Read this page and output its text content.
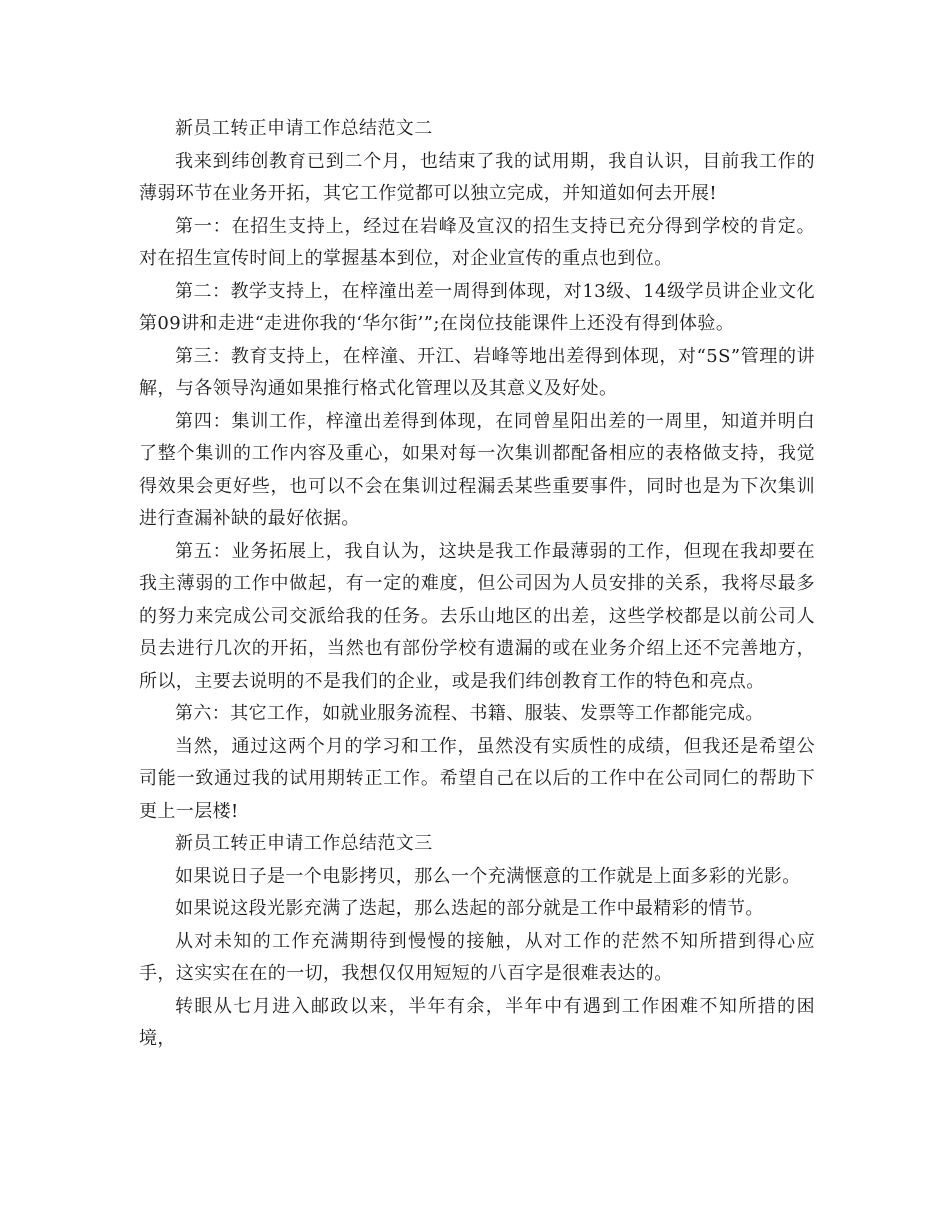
新员工转正申请工作总结范文二

我来到纬创教育已到二个月，也结束了我的试用期，我自认识，目前我工作的薄弱环节在业务开拓，其它工作觉都可以独立完成，并知道如何去开展!

第一：在招生支持上，经过在岩峰及宣汉的招生支持已充分得到学校的肯定。对在招生宣传时间上的掌握基本到位，对企业宣传的重点也到位。

第二：教学支持上，在梓潼出差一周得到体现，对13级、14级学员讲企业文化第09讲和走进“走进你我的‘华尔街’”;在岗位技能课件上还没有得到体验。

第三：教育支持上，在梓潼、开江、岩峰等地出差得到体现，对“5S”管理的讲解，与各领导沟通如果推行格式化管理以及其意义及好处。

第四：集训工作，梓潼出差得到体现，在同曾星阳出差的一周里，知道并明白了整个集训的工作内容及重心，如果对每一次集训都配备相应的表格做支持，我觉得效果会更好些，也可以不会在集训过程漏丢某些重要事件，同时也是为下次集训进行查漏补缺的最好依据。

第五：业务拓展上，我自认为，这块是我工作最薄弱的工作，但现在我却要在我主薄弱的工作中做起，有一定的难度，但公司因为人员安排的关系，我将尽最多的努力来完成公司交派给我的任务。去乐山地区的出差，这些学校都是以前公司人员去进行几次的开拓，当然也有部份学校有遗漏的或在业务介绍上还不完善地方，所以，主要去说明的不是我们的企业，或是我们纬创教育工作的特色和亮点。

第六：其它工作，如就业服务流程、书籍、服装、发票等工作都能完成。

当然，通过这两个月的学习和工作，虽然没有实质性的成绩，但我还是希望公司能一致通过我的试用期转正工作。希望自己在以后的工作中在公司同仁的帮助下更上一层楼!

新员工转正申请工作总结范文三

如果说日子是一个电影拷贝，那么一个充满惬意的工作就是上面多彩的光影。

如果说这段光影充满了迭起，那么迭起的部分就是工作中最精彩的情节。

从对未知的工作充满期待到慢慢的接触，从对工作的茫然不知所措到得心应手，这实实在在的一切，我想仅仅用短短的八百字是很难表达的。

转眼从七月进入邮政以来，半年有余，半年中有遇到工作困难不知所措的困境，
